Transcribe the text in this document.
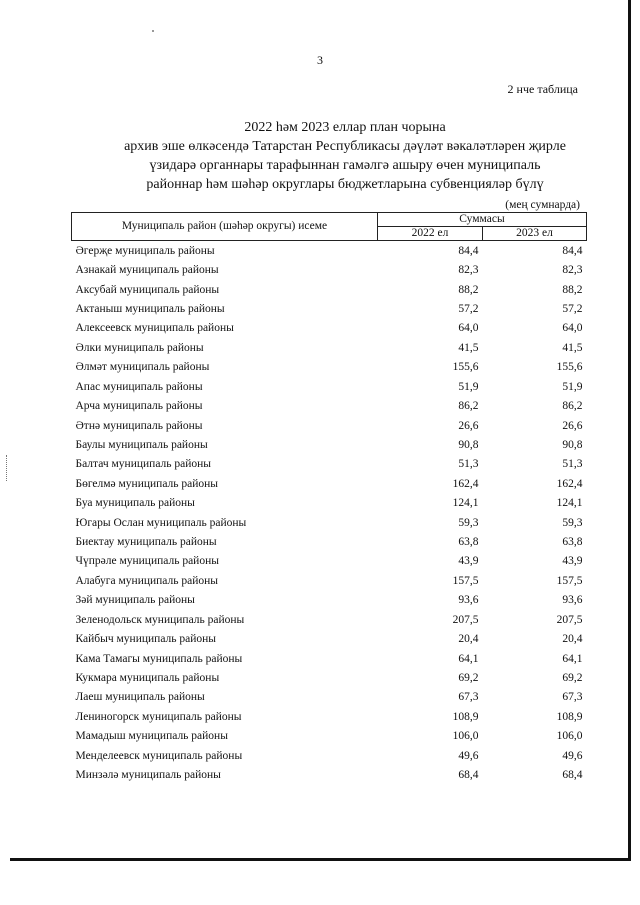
3
2 нче таблица
2022 һәм 2023 еллар план чорына
архив эше өлкәсендә Татарстан Республикасы дәүләт вәкаләтләрен җирле
үзидарә органнары тарафыннан гамәлгә ашыру өчен муниципаль
районнар һәм шәһәр округлары бюджетларына субвенцияләр бүлү
(мең сумнарда)
Муниципаль район (шәһәр округы) исеме	Суммасы	
	2022 ел	2023 ел
Әгерҗе муниципаль районы	84,4	84,4
Азнакай муниципаль районы	82,3	82,3
Аксубай муниципаль районы	88,2	88,2
Актаныш муниципаль районы	57,2	57,2
Алексеевск муниципаль районы	64,0	64,0
Әлки муниципаль районы	41,5	41,5
Әлмәт муниципаль районы	155,6	155,6
Апас муниципаль районы	51,9	51,9
Арча муниципаль районы	86,2	86,2
Әтнә муниципаль районы	26,6	26,6
Баулы муниципаль районы	90,8	90,8
Балтач муниципаль районы	51,3	51,3
Бөгелмә муниципаль районы	162,4	162,4
Буа муниципаль районы	124,1	124,1
Югары Ослан муниципаль районы	59,3	59,3
Биектау муниципаль районы	63,8	63,8
Чүпрәле муниципаль районы	43,9	43,9
Алабуга муниципаль районы	157,5	157,5
Зәй муниципаль районы	93,6	93,6
Зеленодольск муниципаль районы	207,5	207,5
Кайбыч муниципаль районы	20,4	20,4
Кама Тамагы муниципаль районы	64,1	64,1
Кукмара муниципаль районы	69,2	69,2
Лаеш муниципаль районы	67,3	67,3
Лениногорск муниципаль районы	108,9	108,9
Мамадыш муниципаль районы	106,0	106,0
Менделеевск муниципаль районы	49,6	49,6
Минзәлә муниципаль районы	68,4	68,4
